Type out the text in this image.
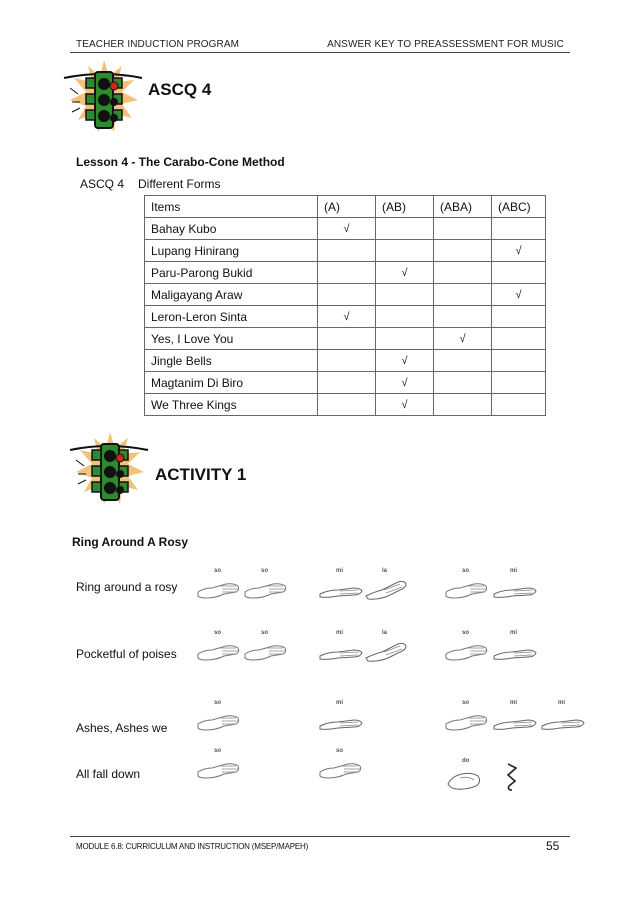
TEACHER INDUCTION PROGRAM	ANSWER KEY TO PREASSESSMENT FOR MUSIC
ASCQ 4
Lesson 4 - The Carabo-Cone Method
ASCQ 4 Different Forms
Items	(A)	(AB)	(ABA)	(ABC)
Bahay Kubo	√			
Lupang Hinirang				√
Paru-Parong Bukid		√		
Maligayang Araw				√
Leron-Leron Sinta	√			
Yes, I Love You			√	
Jingle Bells		√		
Magtanim Di Biro		√		
We Three Kings		√		
ACTIVITY 1
Ring Around A Rosy
Ring around a rosy
Pocketful of poises
Ashes, Ashes we
All fall down
so	so	mi	la	so	mi
so	so	mi	la	so	mi
so	mi	so	mi	mi
so	so
do
MODULE 6.8: CURRICULUM AND INSTRUCTION (MSEP/MAPEH)	55
